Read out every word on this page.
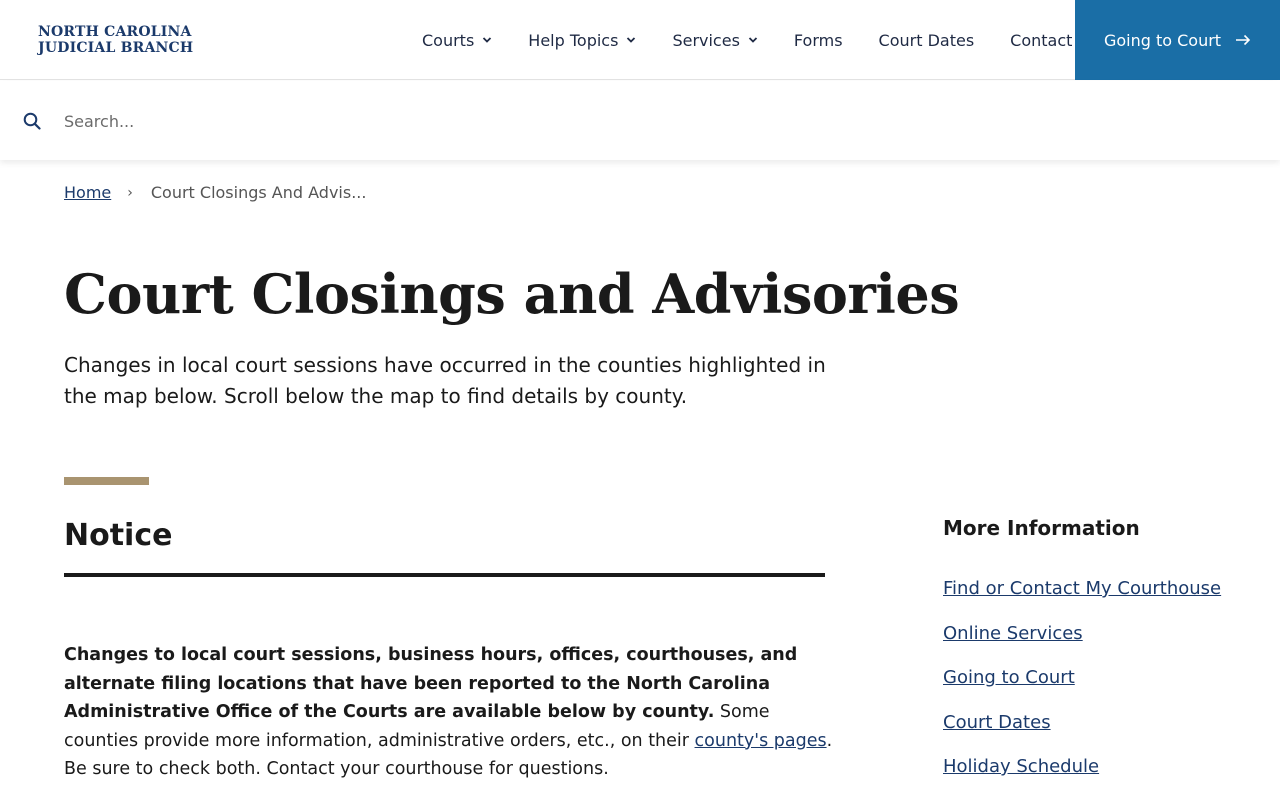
NORTH CAROLINA
JUDICIAL BRANCH	Courts	Help Topics	Services	Forms Court Dates Contact Going to Court
Search...
Home › Court Closings And Advis...
Court Closings and Advisories

Changes in local court sessions have occurred in the counties highlighted in the map below. Scroll below the map to find details by county.

Notice

Changes to local court sessions, business hours, offices, courthouses, and alternate filing locations that have been reported to the North Carolina Administrative Office of the Courts are available below by county. Some counties provide more information, administrative orders, etc., on their county's pages. Be sure to check both. Contact your courthouse for questions.

More Information
Find or Contact My Courthouse
Online Services
Going to Court
Court Dates
Holiday Schedule
